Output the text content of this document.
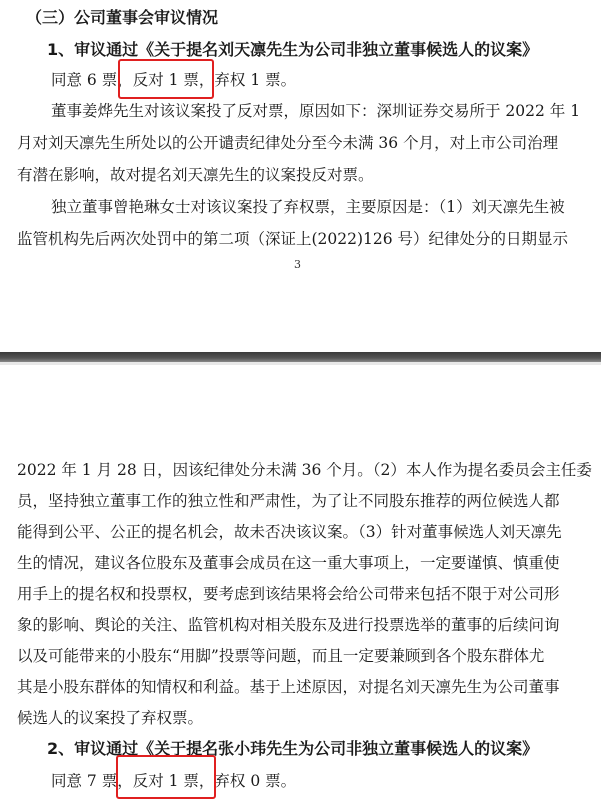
（三）公司董事会审议情况
1、审议通过《关于提名刘天凛先生为公司非独立董事候选人的议案》
同意 6 票，反对 1 票，弃权 1 票。
董事姜烨先生对该议案投了反对票，原因如下：深圳证券交易所于 2022 年 1
月对刘天凛先生所处以的公开谴责纪律处分至今未满 36 个月，对上市公司治理
有潜在影响，故对提名刘天凛先生的议案投反对票。
独立董事曾艳琳女士对该议案投了弃权票，主要原因是：（1）刘天凛先生被
监管机构先后两次处罚中的第二项（深证上(2022)126 号）纪律处分的日期显示
3
2022 年 1 月 28 日，因该纪律处分未满 36 个月。（2）本人作为提名委员会主任委
员，坚持独立董事工作的独立性和严肃性，为了让不同股东推荐的两位候选人都
能得到公平、公正的提名机会，故未否决该议案。（3）针对董事候选人刘天凛先
生的情况，建议各位股东及董事会成员在这一重大事项上，一定要谨慎、慎重使
用手上的提名权和投票权，要考虑到该结果将会给公司带来包括不限于对公司形
象的影响、舆论的关注、监管机构对相关股东及进行投票选举的董事的后续问询
以及可能带来的小股东“用脚”投票等问题，而且一定要兼顾到各个股东群体尤
其是小股东群体的知情权和利益。基于上述原因，对提名刘天凛先生为公司董事
候选人的议案投了弃权票。
2、审议通过《关于提名张小玮先生为公司非独立董事候选人的议案》
同意 7 票，反对 1 票，弃权 0 票。
